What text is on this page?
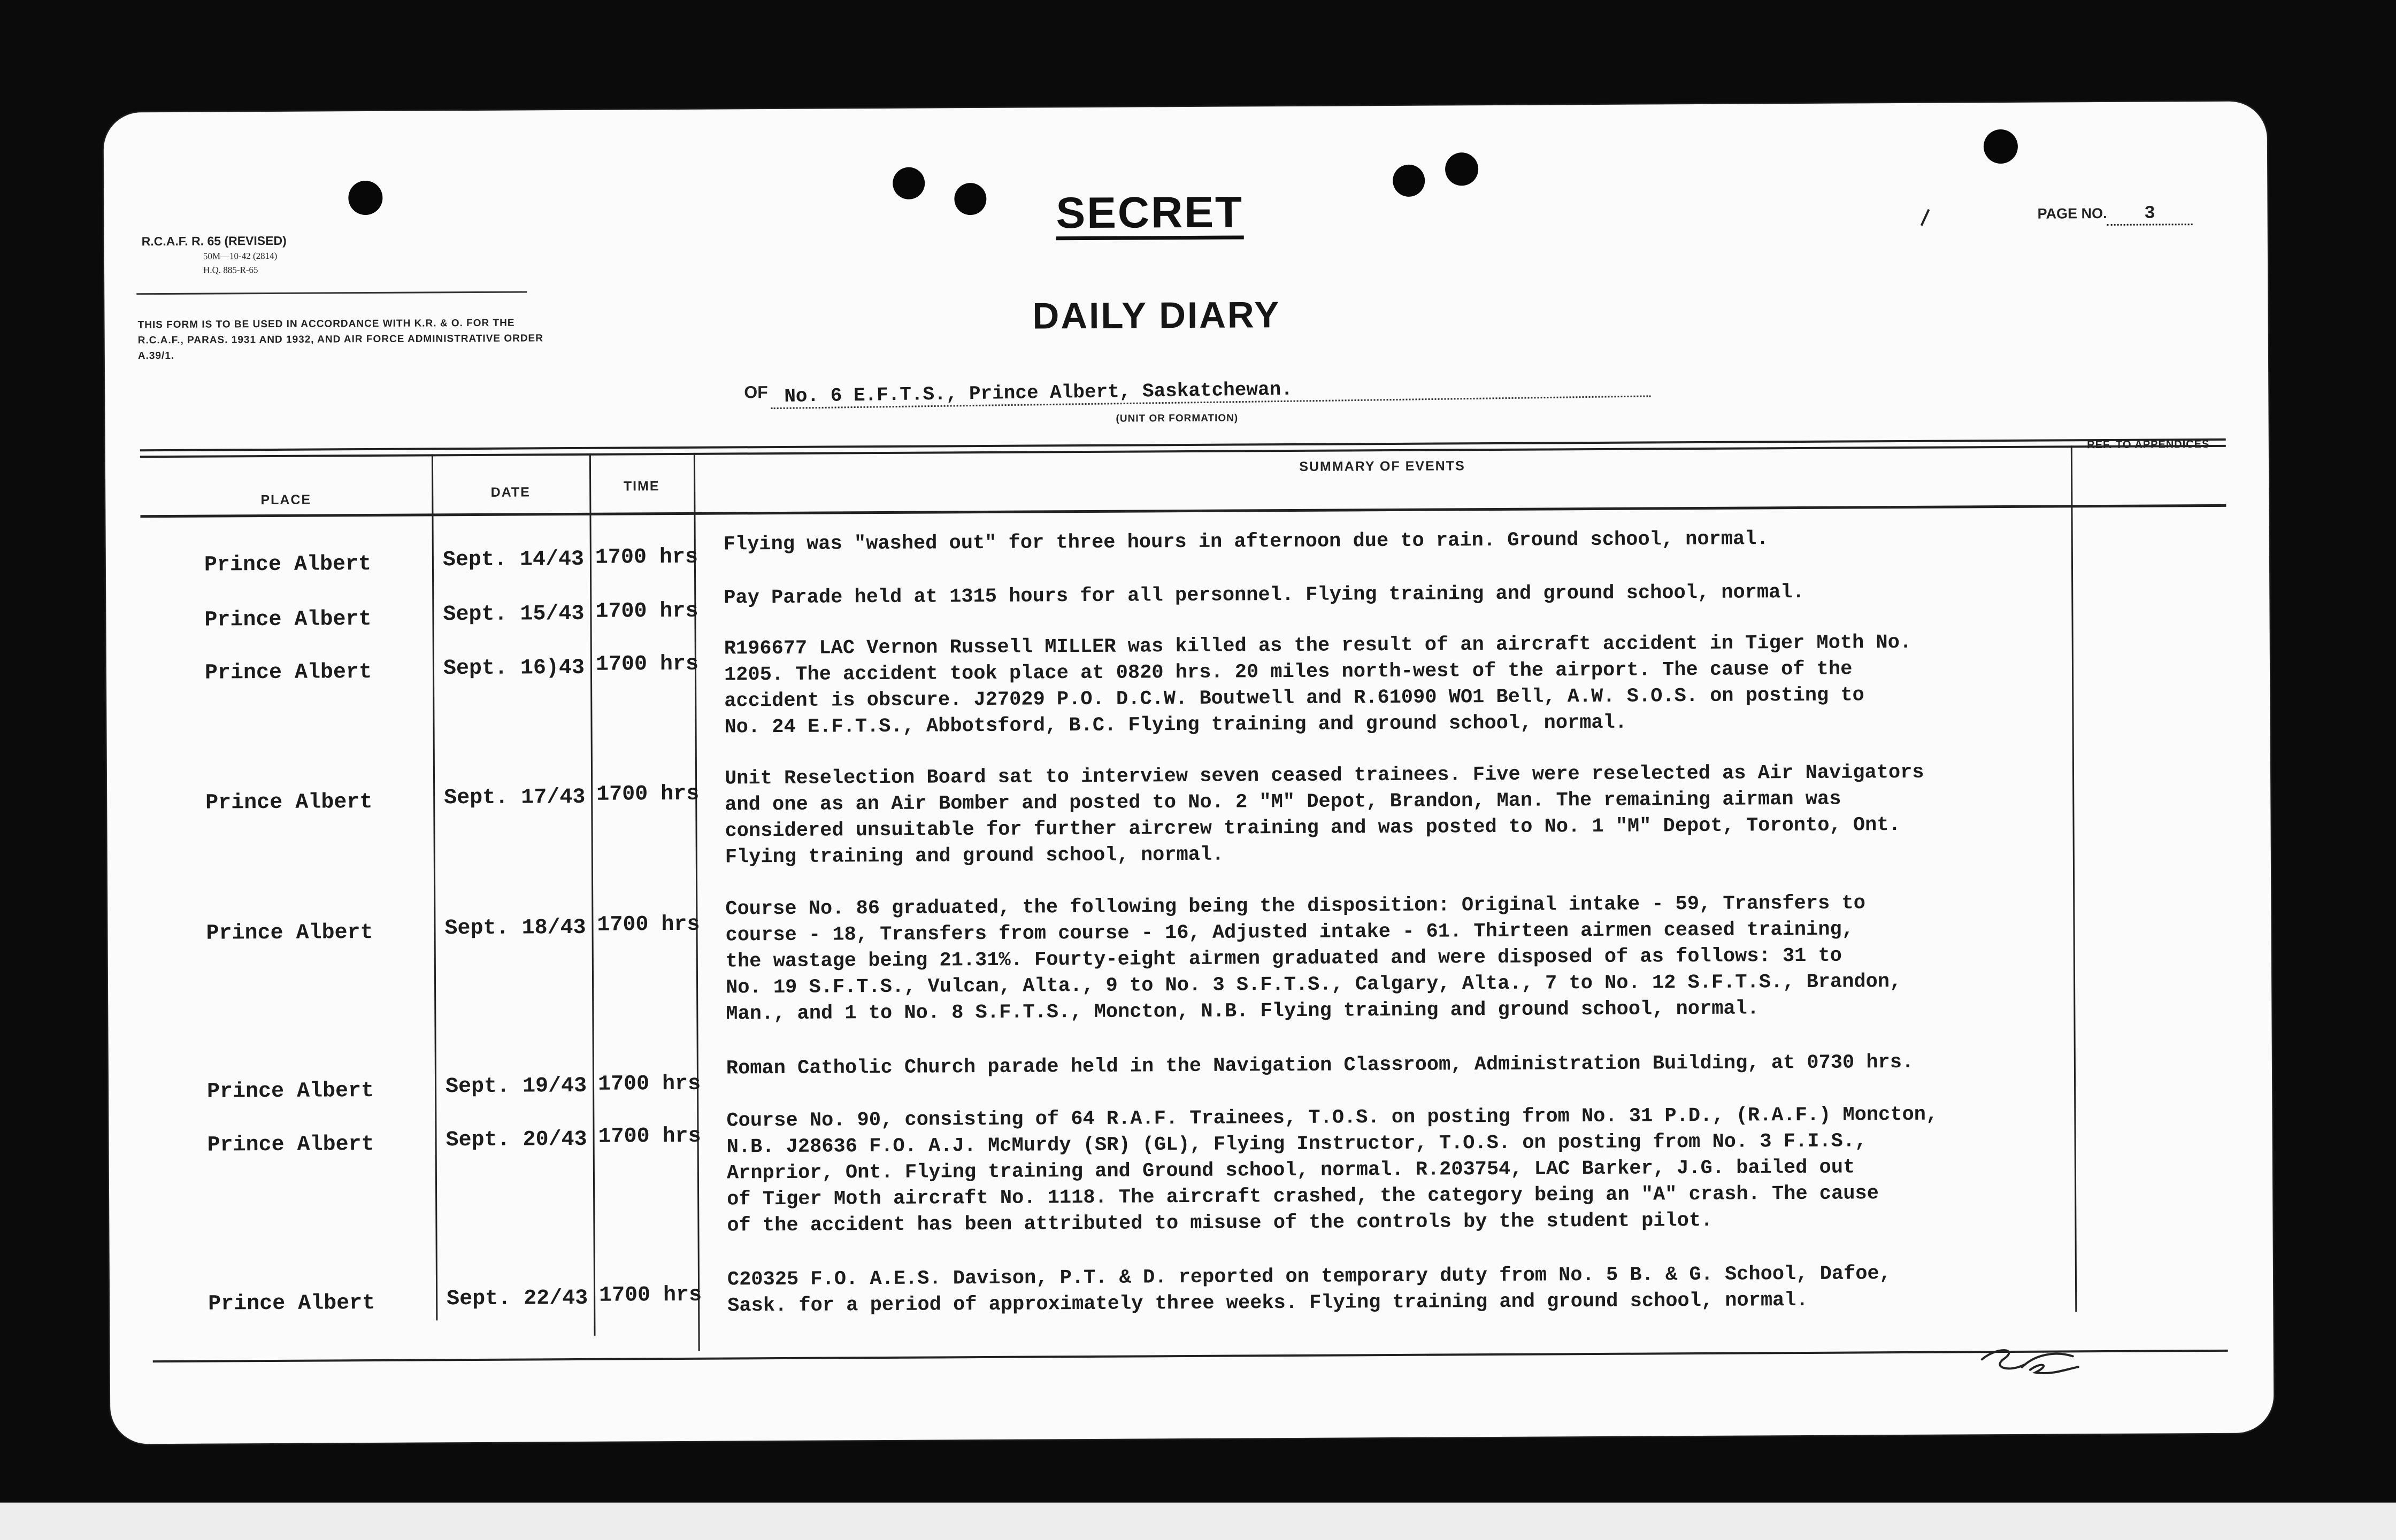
R.C.A.F. R. 65 (REVISED)
50M—10-42 (2814)
H.Q. 885-R-65
THIS FORM IS TO BE USED IN ACCORDANCE WITH K.R. & O. FOR THE R.C.A.F., PARAS. 1931 AND 1932, AND AIR FORCE ADMINISTRATIVE ORDER A.39/1.
SECRET	PAGE NO. 3
DAILY DIARY
OF No. 6 E.F.T.S., Prince Albert, Saskatchewan.
(UNIT OR FORMATION)
PLACE	DATE	TIME
SUMMARY OF EVENTS
REF. TO APPENDICES
Prince Albert	Sept. 14/43 1700 hrs
Flying was "washed out" for three hours in afternoon due to rain. Ground school, normal.
Prince Albert	Sept. 15/43 1700 hrs
Pay Parade held at 1315 hours for all personnel. Flying training and ground school, normal.
Prince Albert	Sept. 16)43 1700 hrs
R196677 LAC Vernon Russell MILLER was killed as the result of an aircraft accident in Tiger Moth No.
1205. The accident took place at 0820 hrs. 20 miles north-west of the airport. The cause of the
accident is obscure. J27029 P.O. D.C.W. Boutwell and R.61090 WO1 Bell, A.W. S.O.S. on posting to
No. 24 E.F.T.S., Abbotsford, B.C. Flying training and ground school, normal.
Prince Albert	Sept. 17/43 1700 hrs
Unit Reselection Board sat to interview seven ceased trainees. Five were reselected as Air Navigators
and one as an Air Bomber and posted to No. 2 "M" Depot, Brandon, Man. The remaining airman was
considered unsuitable for further aircrew training and was posted to No. 1 "M" Depot, Toronto, Ont.
Flying training and ground school, normal.
Prince Albert	Sept. 18/43 1700 hrs
Course No. 86 graduated, the following being the disposition: Original intake - 59, Transfers to
course - 18, Transfers from course - 16, Adjusted intake - 61. Thirteen airmen ceased training,
the wastage being 21.31%. Fourty-eight airmen graduated and were disposed of as follows: 31 to
No. 19 S.F.T.S., Vulcan, Alta., 9 to No. 3 S.F.T.S., Calgary, Alta., 7 to No. 12 S.F.T.S., Brandon,
Man., and 1 to No. 8 S.F.T.S., Moncton, N.B. Flying training and ground school, normal.
Prince Albert	Sept. 19/43 1700 hrs
Roman Catholic Church parade held in the Navigation Classroom, Administration Building, at 0730 hrs.
Prince Albert	Sept. 20/43 1700 hrs
Course No. 90, consisting of 64 R.A.F. Trainees, T.O.S. on posting from No. 31 P.D., (R.A.F.) Moncton,
N.B. J28636 F.O. A.J. McMurdy (SR) (GL), Flying Instructor, T.O.S. on posting from No. 3 F.I.S.,
Arnprior, Ont. Flying training and Ground school, normal. R.203754, LAC Barker, J.G. bailed out
of Tiger Moth aircraft No. 1118. The aircraft crashed, the category being an "A" crash. The cause
of the accident has been attributed to misuse of the controls by the student pilot.
Prince Albert	Sept. 22/43 1700 hrs
C20325 F.O. A.E.S. Davison, P.T. & D. reported on temporary duty from No. 5 B. & G. School, Dafoe,
Sask. for a period of approximately three weeks. Flying training and ground school, normal.
